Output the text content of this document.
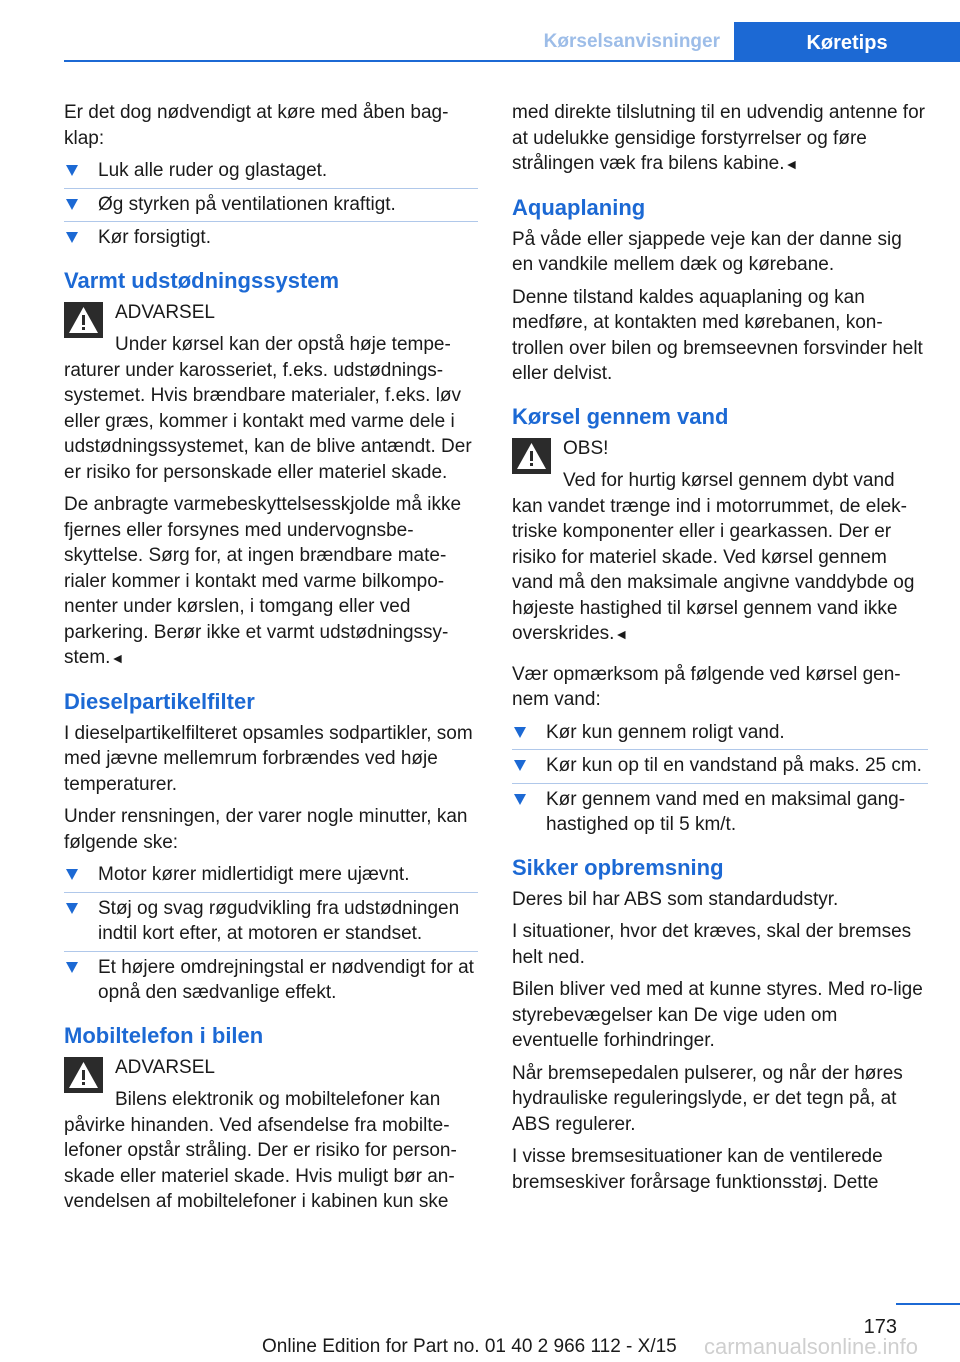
Kørselsanvisninger	Køretips

Er det dog nødvendigt at køre med åben bag-klap:

Luk alle ruder og glastaget.
Øg styrken på ventilationen kraftigt.
Kør forsigtigt.
Varmt udstødningssystem
ADVARSEL
Under kørsel kan der opstå høje tempe-raturer under karosseriet, f.eks. udstødnings-systemet. Hvis brændbare materialer, f.eks. løv eller græs, kommer i kontakt med varme dele i udstødningssystemet, kan de blive antændt. Der er risiko for personskade eller materiel skade.

De anbragte varmebeskyttelsesskjolde må ikke fjernes eller forsynes med undervognsbe-skyttelse. Sørg for, at ingen brændbare mate-rialer kommer i kontakt med varme bilkompo-nenter under kørslen, i tomgang eller ved parkering. Berør ikke et varmt udstødningssy-stem.◄

Dieselpartikelfilter

I dieselpartikelfilteret opsamles sodpartikler, som med jævne mellemrum forbrændes ved høje temperaturer.

Under rensningen, der varer nogle minutter, kan følgende ske:

Motor kører midlertidigt mere ujævnt.
Støj og svag røgudvikling fra udstødningen indtil kort efter, at motoren er standset.
Et højere omdrejningstal er nødvendigt for at opnå den sædvanlige effekt.
Mobiltelefon i bilen
ADVARSEL
Bilens elektronik og mobiltelefoner kan påvirke hinanden. Ved afsendelse fra mobilte-lefoner opstår stråling. Der er risiko for person-skade eller materiel skade. Hvis muligt bør an-vendelsen af mobiltelefoner i kabinen kun ske

med direkte tilslutning til en udvendig antenne for at udelukke gensidige forstyrrelser og føre strålingen væk fra bilens kabine.◄

Aquaplaning

På våde eller sjappede veje kan der danne sig en vandkile mellem dæk og kørebane.

Denne tilstand kaldes aquaplaning og kan medføre, at kontakten med kørebanen, kon-trollen over bilen og bremseevnen forsvinder helt eller delvist.

Kørsel gennem vand
OBS!
Ved for hurtig kørsel gennem dybt vand kan vandet trænge ind i motorrummet, de elek-triske komponenter eller i gearkassen. Der er risiko for materiel skade. Ved kørsel gennem vand må den maksimale angivne vanddybde og højeste hastighed til kørsel gennem vand ikke overskrides.◄

Vær opmærksom på følgende ved kørsel gen-nem vand:

Kør kun gennem roligt vand.
Kør kun op til en vandstand på maks. 25 cm.
Kør gennem vand med en maksimal gang-hastighed op til 5 km/t.
Sikker opbremsning

Deres bil har ABS som standardudstyr.

I situationer, hvor det kræves, skal der bremses helt ned.

Bilen bliver ved med at kunne styres. Med ro-lige styrebevægelser kan De vige uden om eventuelle forhindringer.

Når bremsepedalen pulserer, og når der høres hydrauliske reguleringslyde, er det tegn på, at ABS regulerer.

I visse bremsesituationer kan de ventilerede bremseskiver forårsage funktionsstøj. Dette

173
carmanualsonline.info
Online Edition for Part no. 01 40 2 966 112 - X/15
